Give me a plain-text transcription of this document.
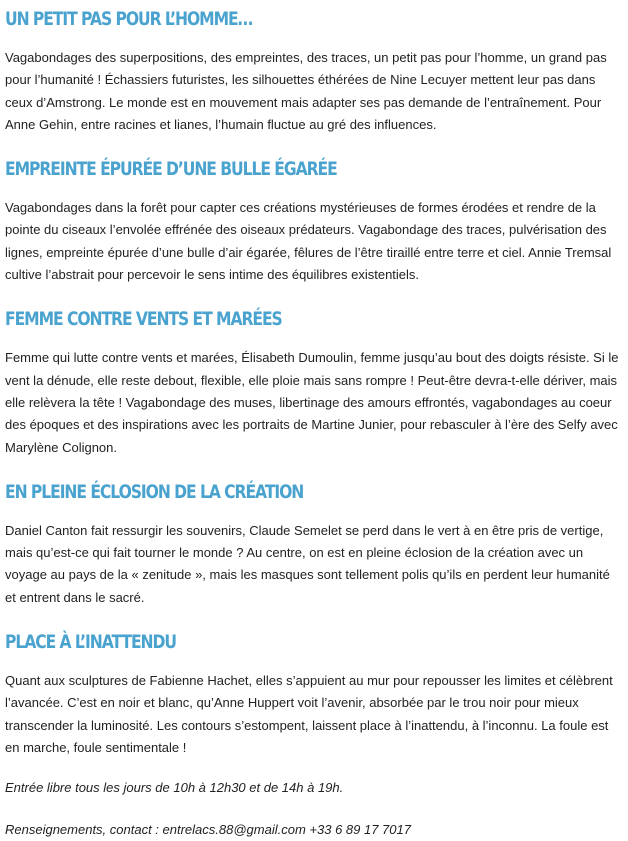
UN PETIT PAS POUR L’HOMME…

Vagabondages des superpositions, des empreintes, des traces, un petit pas pour l’homme, un grand pas pour l’humanité ! Échassiers futuristes, les silhouettes éthérées de Nine Lecuyer mettent leur pas dans ceux d’Amstrong. Le monde est en mouvement mais adapter ses pas demande de l’entraînement. Pour Anne Gehin, entre racines et lianes, l’humain fluctue au gré des influences.

EMPREINTE ÉPURÉE D’UNE BULLE ÉGARÉE

Vagabondages dans la forêt pour capter ces créations mystérieuses de formes érodées et rendre de la pointe du ciseaux l’envolée effrénée des oiseaux prédateurs. Vagabondage des traces, pulvérisation des lignes, empreinte épurée d’une bulle d’air égarée, fêlures de l’être tiraillé entre terre et ciel. Annie Tremsal cultive l’abstrait pour percevoir le sens intime des équilibres existentiels.

FEMME CONTRE VENTS ET MARÉES

Femme qui lutte contre vents et marées, Élisabeth Dumoulin, femme jusqu’au bout des doigts résiste. Si le vent la dénude, elle reste debout, flexible, elle ploie mais sans rompre ! Peut-être devra-t-elle dériver, mais elle relèvera la tête ! Vagabondage des muses, libertinage des amours effrontés, vagabondages au coeur des époques et des inspirations avec les portraits de Martine Junier, pour rebasculer à l’ère des Selfy avec Marylène Colignon.

EN PLEINE ÉCLOSION DE LA CRÉATION

Daniel Canton fait ressurgir les souvenirs, Claude Semelet se perd dans le vert à en être pris de vertige, mais qu’est-ce qui fait tourner le monde ? Au centre, on est en pleine éclosion de la création avec un voyage au pays de la « zenitude », mais les masques sont tellement polis qu’ils en perdent leur humanité et entrent dans le sacré.

PLACE À L’INATTENDU

Quant aux sculptures de Fabienne Hachet, elles s’appuient au mur pour repousser les limites et célèbrent l’avancée. C’est en noir et blanc, qu’Anne Huppert voit l’avenir, absorbée par le trou noir pour mieux transcender la luminosité. Les contours s’estompent, laissent place à l’inattendu, à l’inconnu. La foule est en marche, foule sentimentale !

Entrée libre tous les jours de 10h à 12h30 et de 14h à 19h.

Renseignements, contact : entrelacs.88@gmail.com +33 6 89 17 7017
